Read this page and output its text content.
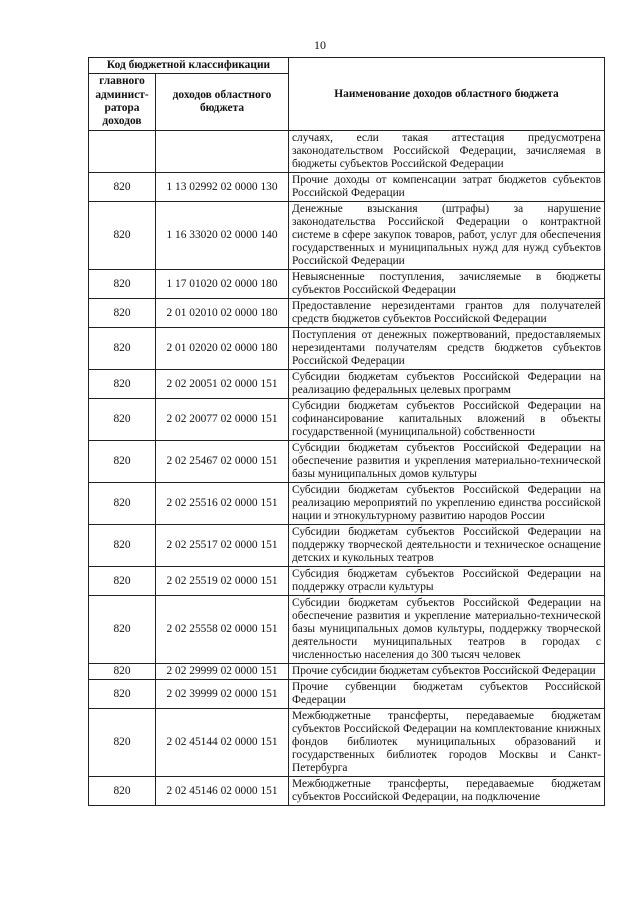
10
Код бюджетной классификации		Наименование доходов областного бюджета
главного админист-ратора доходов	доходов областного бюджета	
		случаях, если такая аттестация предусмотрена законодательством Российской Федерации, зачисляемая в бюджеты субъектов Российской Федерации
820	1 13 02992 02 0000 130	Прочие доходы от компенсации затрат бюджетов субъектов Российской Федерации
820	1 16 33020 02 0000 140	Денежные взыскания (штрафы) за нарушение законодательства Российской Федерации о контрактной системе в сфере закупок товаров, работ, услуг для обеспечения государственных и муниципальных нужд для нужд субъектов Российской Федерации
820	1 17 01020 02 0000 180	Невыясненные поступления, зачисляемые в бюджеты субъектов Российской Федерации
820	2 01 02010 02 0000 180	Предоставление нерезидентами грантов для получателей средств бюджетов субъектов Российской Федерации
820	2 01 02020 02 0000 180	Поступления от денежных пожертвований, предоставляемых нерезидентами получателям средств бюджетов субъектов Российской Федерации
820	2 02 20051 02 0000 151	Субсидии бюджетам субъектов Российской Федерации на реализацию федеральных целевых программ
820	2 02 20077 02 0000 151	Субсидии бюджетам субъектов Российской Федерации на софинансирование капитальных вложений в объекты государственной (муниципальной) собственности
820	2 02 25467 02 0000 151	Субсидии бюджетам субъектов Российской Федерации на обеспечение развития и укрепления материально-технической базы муниципальных домов культуры
820	2 02 25516 02 0000 151	Субсидии бюджетам субъектов Российской Федерации на реализацию мероприятий по укреплению единства российской нации и этнокультурному развитию народов России
820	2 02 25517 02 0000 151	Субсидии бюджетам субъектов Российской Федерации на поддержку творческой деятельности и техническое оснащение детских и кукольных театров
820	2 02 25519 02 0000 151	Субсидия бюджетам субъектов Российской Федерации на поддержку отрасли культуры
820	2 02 25558 02 0000 151	Субсидии бюджетам субъектов Российской Федерации на обеспечение развития и укрепление материально-технической базы муниципальных домов культуры, поддержку творческой деятельности муниципальных театров в городах с численностью населения до 300 тысяч человек
820	2 02 29999 02 0000 151	Прочие субсидии бюджетам субъектов Российской Федерации
820	2 02 39999 02 0000 151	Прочие субвенции бюджетам субъектов Российской Федерации
820	2 02 45144 02 0000 151	Межбюджетные трансферты, передаваемые бюджетам субъектов Российской Федерации на комплектование книжных фондов библиотек муниципальных образований и государственных библиотек городов Москвы и Санкт-Петербурга
820	2 02 45146 02 0000 151	Межбюджетные трансферты, передаваемые бюджетам субъектов Российской Федерации, на подключение
